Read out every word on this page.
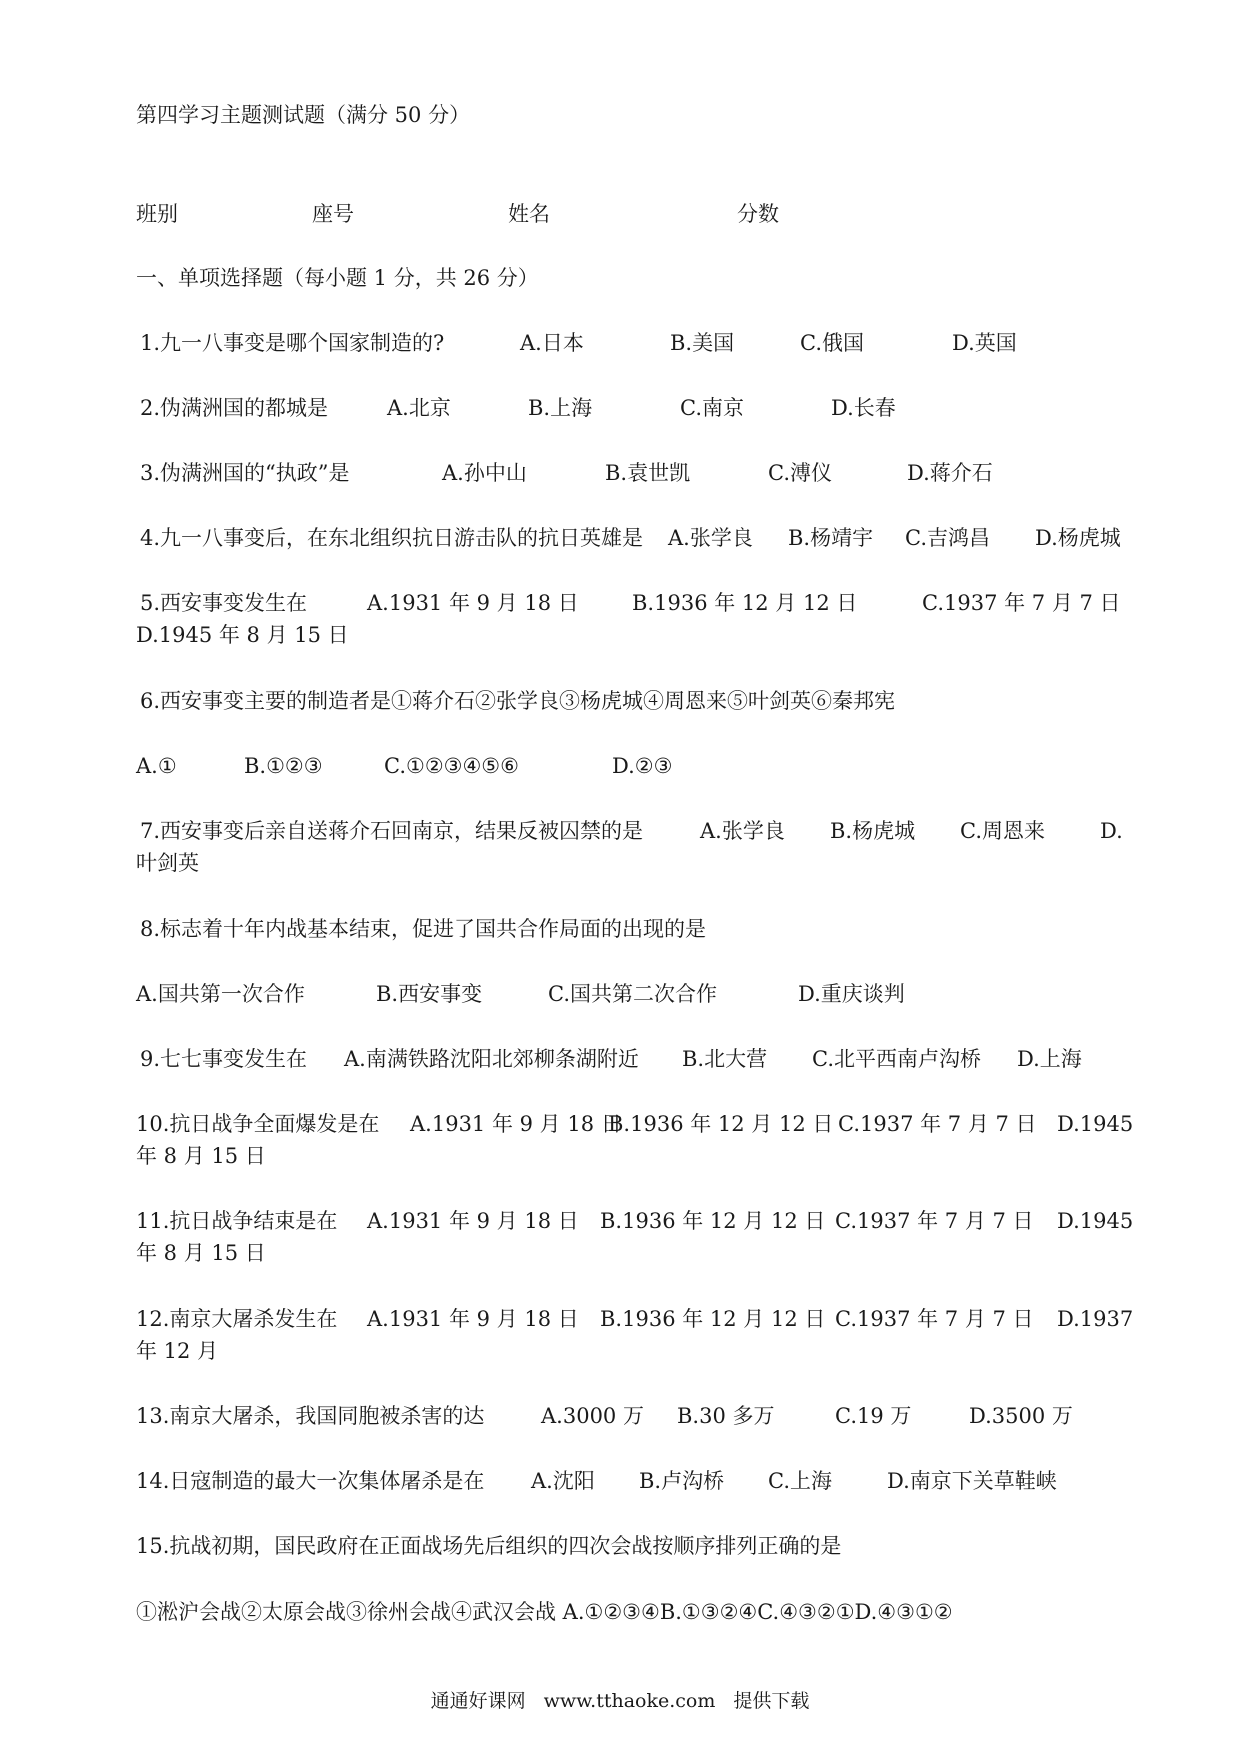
第四学习主题测试题（满分 50 分）
班别	座号	姓名	分数
一、单项选择题（每小题 1 分，共 26 分）
1.九一八事变是哪个国家制造的?	A.日本	B.美国	C.俄国	D.英国
2.伪满洲国的都城是	A.北京	B.上海	C.南京	D.长春
3.伪满洲国的“执政”是	A.孙中山	B.袁世凯	C.溥仪	D.蒋介石
4.九一八事变后，在东北组织抗日游击队的抗日英雄是 A.张学良 B.杨靖宇 C.吉鸿昌 D.杨虎城
5.西安事变发生在	A.1931 年 9 月 18 日	B.1936 年 12 月 12 日	C.1937 年 7 月 7 日
D.1945 年 8 月 15 日
6.西安事变主要的制造者是①蒋介石②张学良③杨虎城④周恩来⑤叶剑英⑥秦邦宪
A.①	B.①②③	C.①②③④⑤⑥	D.②③
7.西安事变后亲自送蒋介石回南京，结果反被囚禁的是	A.张学良 B.杨虎城 C.周恩来	D.
叶剑英
8.标志着十年内战基本结束，促进了国共合作局面的出现的是
A.国共第一次合作	B.西安事变	C.国共第二次合作	D.重庆谈判
9.七七事变发生在 A.南满铁路沈阳北郊柳条湖附近 B.北大营 C.北平西南卢沟桥 D.上海
10.抗日战争全面爆发是在 A.1931 年 9 月 18 日
B.1936 年 12 月 12 日 C.1937 年 7 月 7 日 D.1945
年 8 月 15 日
11.抗日战争结束是在 A.1931 年 9 月 18 日 B.1936 年 12 月 12 日 C.1937 年 7 月 7 日 D.1945
年 8 月 15 日
12.南京大屠杀发生在 A.1931 年 9 月 18 日 B.1936 年 12 月 12 日 C.1937 年 7 月 7 日 D.1937
年 12 月
13.南京大屠杀，我国同胞被杀害的达	A.3000 万 B.30 多万	C.19 万	D.3500 万
14.日寇制造的最大一次集体屠杀是在 A.沈阳 B.卢沟桥 C.上海	D.南京下关草鞋峡
15.抗战初期，国民政府在正面战场先后组织的四次会战按顺序排列正确的是
①淞沪会战②太原会战③徐州会战④武汉会战 A.①②③④B.①③②④C.④③②①D.④③①②
通通好课网 www.tthaoke.com 提供下载
